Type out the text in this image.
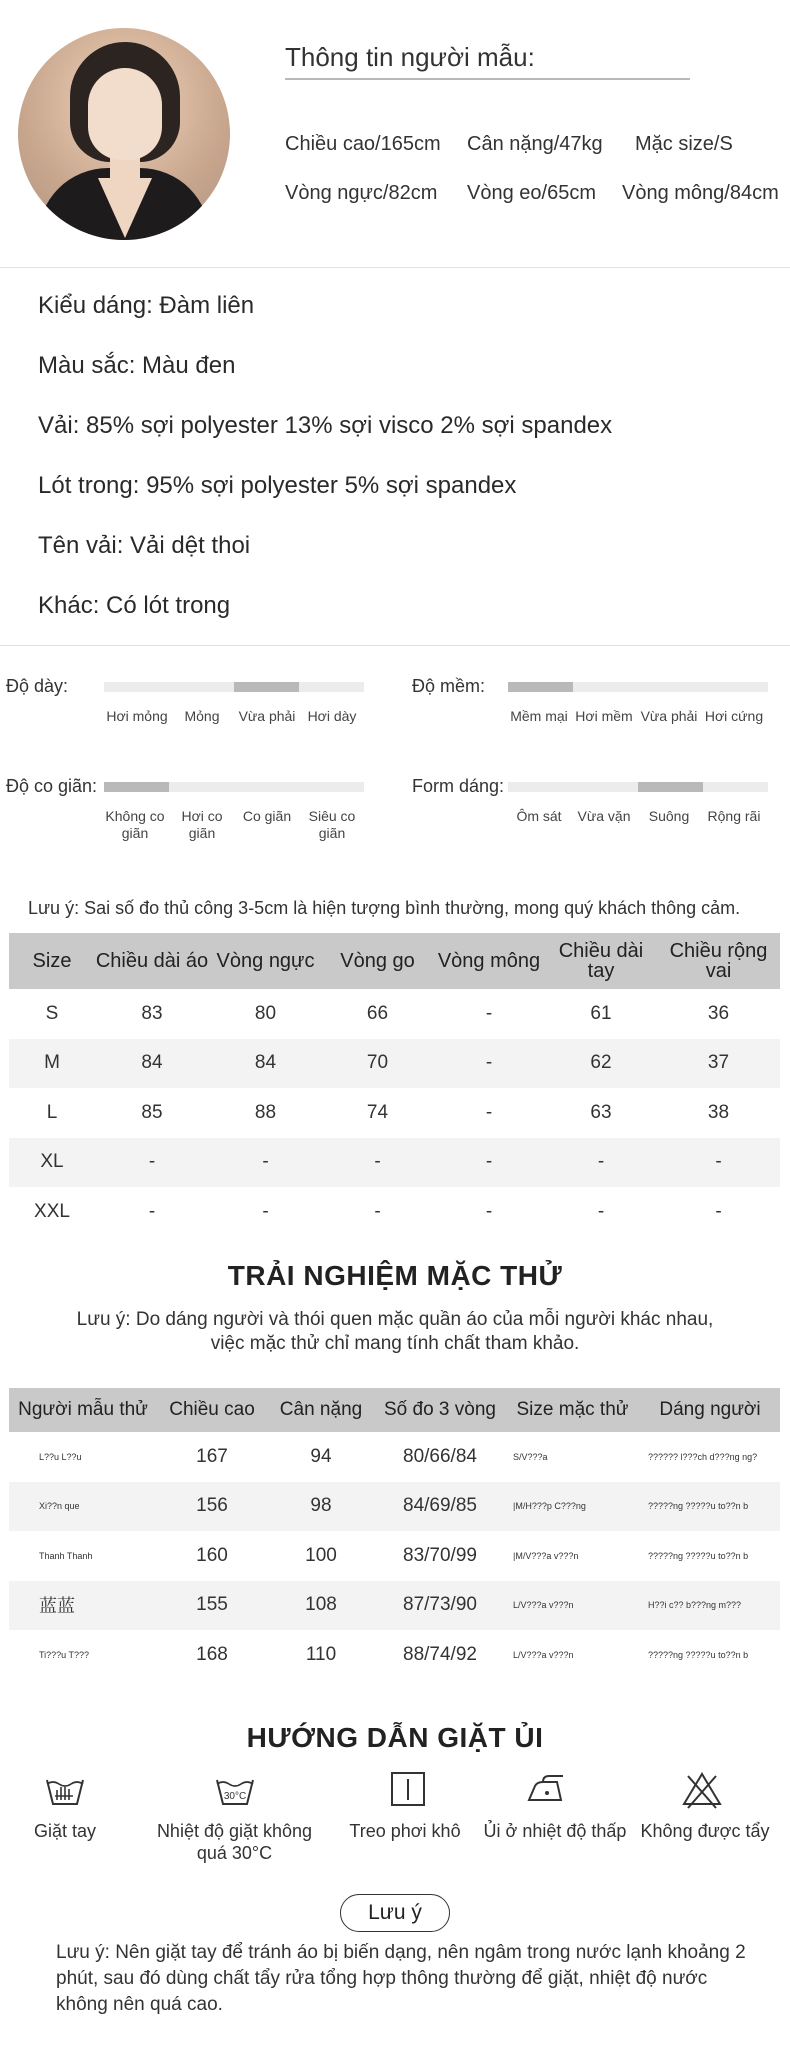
Thông tin người mẫu:
Chiều cao/165cm Cân nặng/47kg Mặc size/S
Vòng ngực/82cm Vòng eo/65cm Vòng mông/84cm
Kiểu dáng: Đàm liên
Màu sắc: Màu đen
Vải: 85% sợi polyester 13% sợi visco 2% sợi spandex
Lót trong: 95% sợi polyester 5% sợi spandex
Tên vải: Vải dệt thoi
Khác: Có lót trong
Độ dày:
Hơi mỏng	Mỏng	Vừa phải Hơi dày
Độ mềm:
Mềm mại Hơi mềm Vừa phải Hơi cứng
Độ co giãn:
Không co giãn
Hơi co giãn
Co giãn	Siêu co giãn
Form dáng:
Ôm sát	Vừa vặn	Suông	Rộng rãi
Lưu ý: Sai số đo thủ công 3-5cm là hiện tượng bình thường, mong quý khách thông cảm.
Size	Chiều dài áo	Vòng ngực	Vòng go	Vòng mông	Chiều dài tay	Chiều rộng vai
S	83	80	66	-	61	36
M	84	84	70	-	62	37
L	85	88	74	-	63	38
XL	-	-	-	-	-	-
XXL	-	-	-	-	-	-
TRẢI NGHIỆM MẶC THỬ
Lưu ý: Do dáng người và thói quen mặc quần áo của mỗi người khác nhau,
việc mặc thử chỉ mang tính chất tham khảo.
Người mẫu thử	Chiều cao	Cân nặng	Số đo 3 vòng	Size mặc thử	Dáng người
L??u L??u	167	94	80/66/84	S/V???a	?????? l???ch d???ng ng?
Xi??n que	156	98	84/69/85	|M/H???p C???ng	?????ng ?????u to??n b
Thanh Thanh	160	100	83/70/99	|M/V???a v???n	?????ng ?????u to??n b
蓝蓝	155	108	87/73/90	L/V???a v???n	H??i c?? b???ng m???
Ti???u T???	168	110	88/74/92	L/V???a v???n	?????ng ?????u to??n b
HƯỚNG DẪN GIẶT ỦI
30°C
Giặt tay	Nhiệt độ giặt không quá 30°C
Treo phơi khô	Ủi ở nhiệt độ thấp Không được tẩy
Lưu ý
Lưu ý: Nên giặt tay để tránh áo bị biến dạng, nên ngâm trong nước lạnh khoảng 2 phút, sau đó dùng chất tẩy rửa tổng hợp thông thường để giặt, nhiệt độ nước không nên quá cao.
